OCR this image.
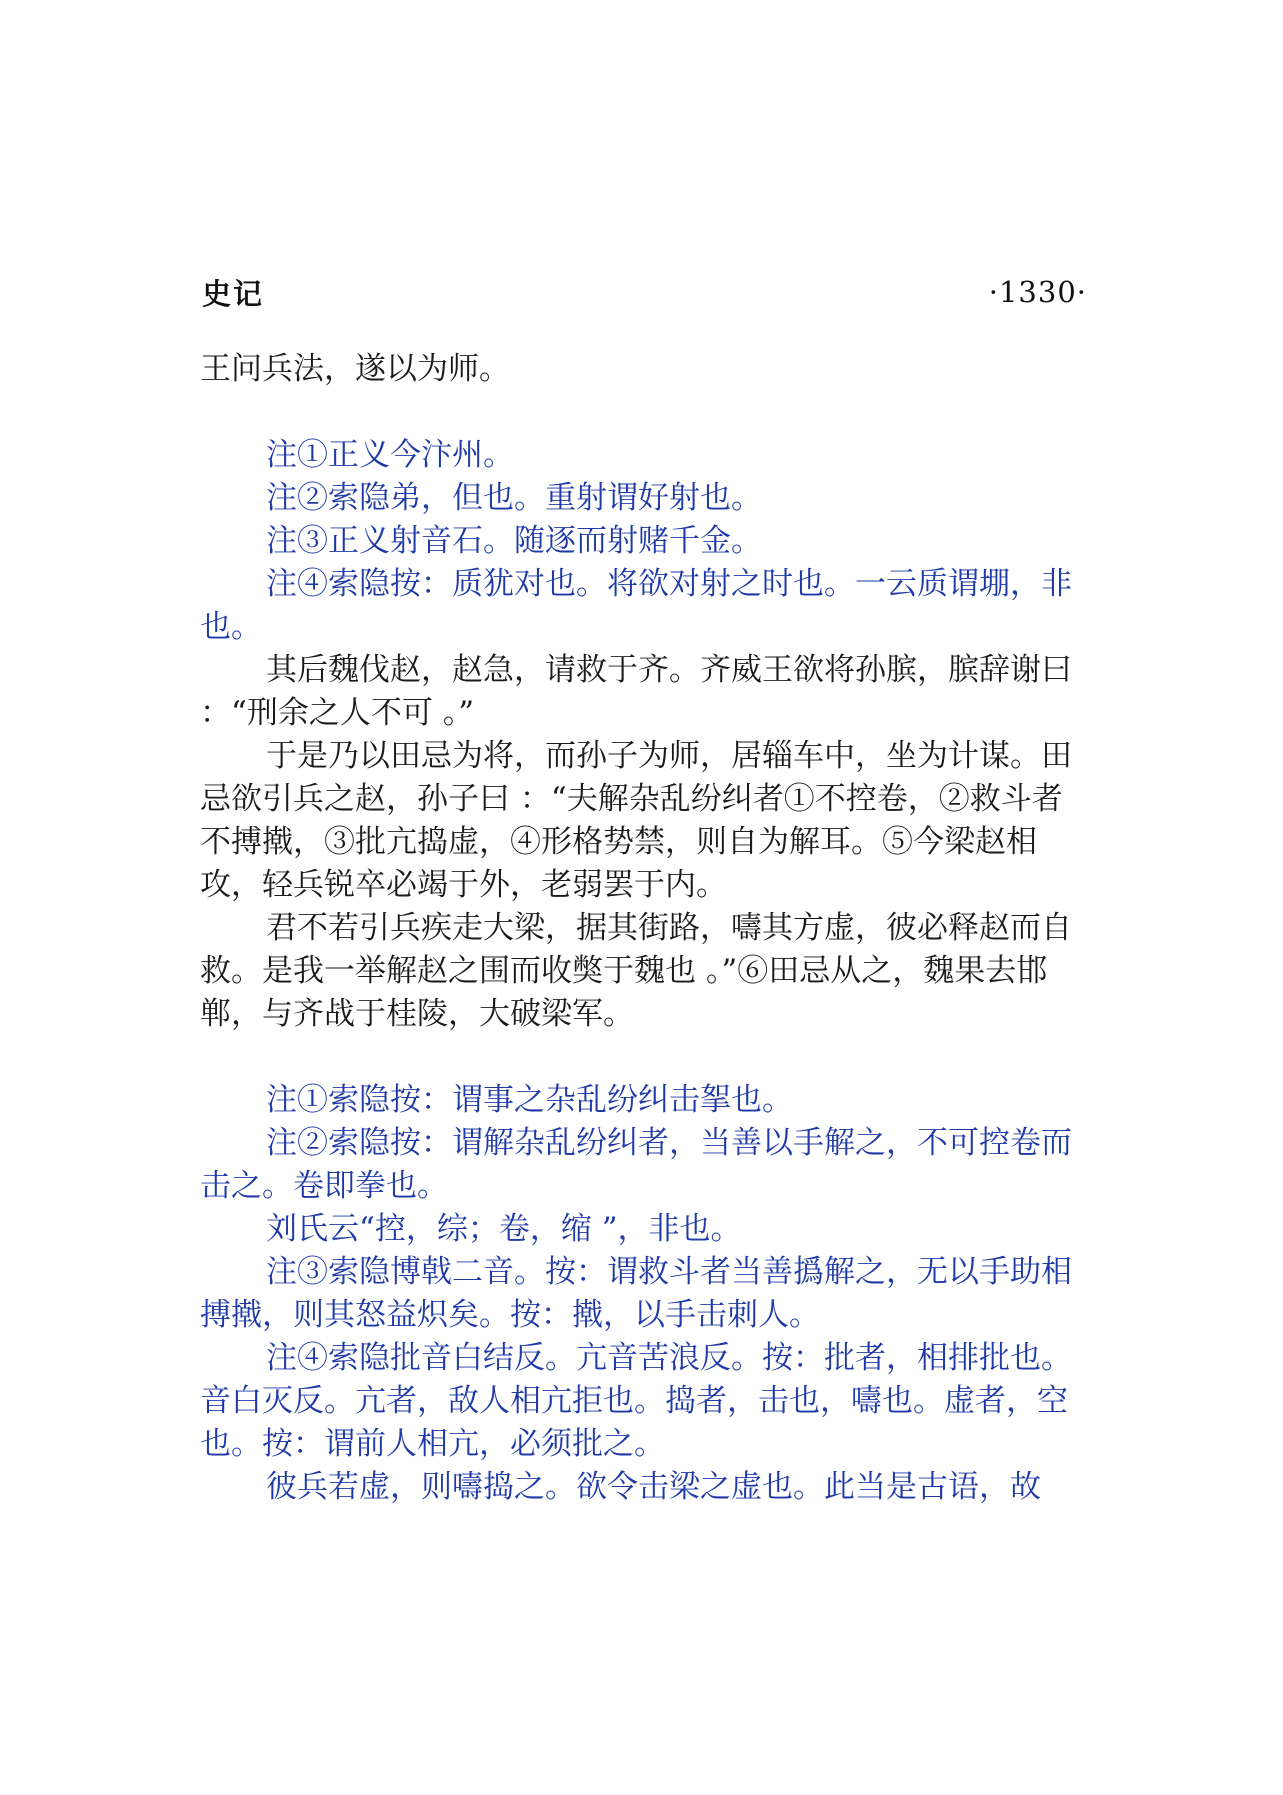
史记	·1330·

王问兵法，遂以为师。

注①正义今汴州。

注②索隐弟，但也。重射谓好射也。

注③正义射音石。随逐而射赌千金。

注④索隐按：质犹对也。将欲对射之时也。一云质谓堋，非也。

其后魏伐赵，赵急，请救于齐。齐威王欲将孙膑，膑辞谢曰 ：“刑余之人不可 。”

于是乃以田忌为将，而孙子为师，居辎车中，坐为计谋。田忌欲引兵之赵，孙子曰 ：“夫解杂乱纷纠者①不控卷，②救斗者不搏撠，③批亢捣虚，④形格势禁，则自为解耳。⑤今梁赵相攻，轻兵锐卒必竭于外，老弱罢于内。

君不若引兵疾走大梁，据其街路，嚋其方虚，彼必释赵而自救。是我一举解赵之围而收獘于魏也 。”⑥田忌从之，魏果去邯郸，与齐战于桂陵，大破梁军。

注①索隐按：谓事之杂乱纷纠击挐也。

注②索隐按：谓解杂乱纷纠者，当善以手解之，不可控卷而击之。卷即拳也。

刘氏云“控，综；卷，缩 ”，非也。

注③索隐博戟二音。按：谓救斗者当善撝解之，无以手助相搏撠，则其怒益炽矣。按：撠，以手击刺人。

注④索隐批音白结反。亢音苦浪反。按：批者，相排批也。音白灭反。亢者，敌人相亢拒也。捣者，击也，嚋也。虚者，空也。按：谓前人相亢，必须批之。

彼兵若虚，则嚋捣之。欲令击梁之虚也。此当是古语，故
